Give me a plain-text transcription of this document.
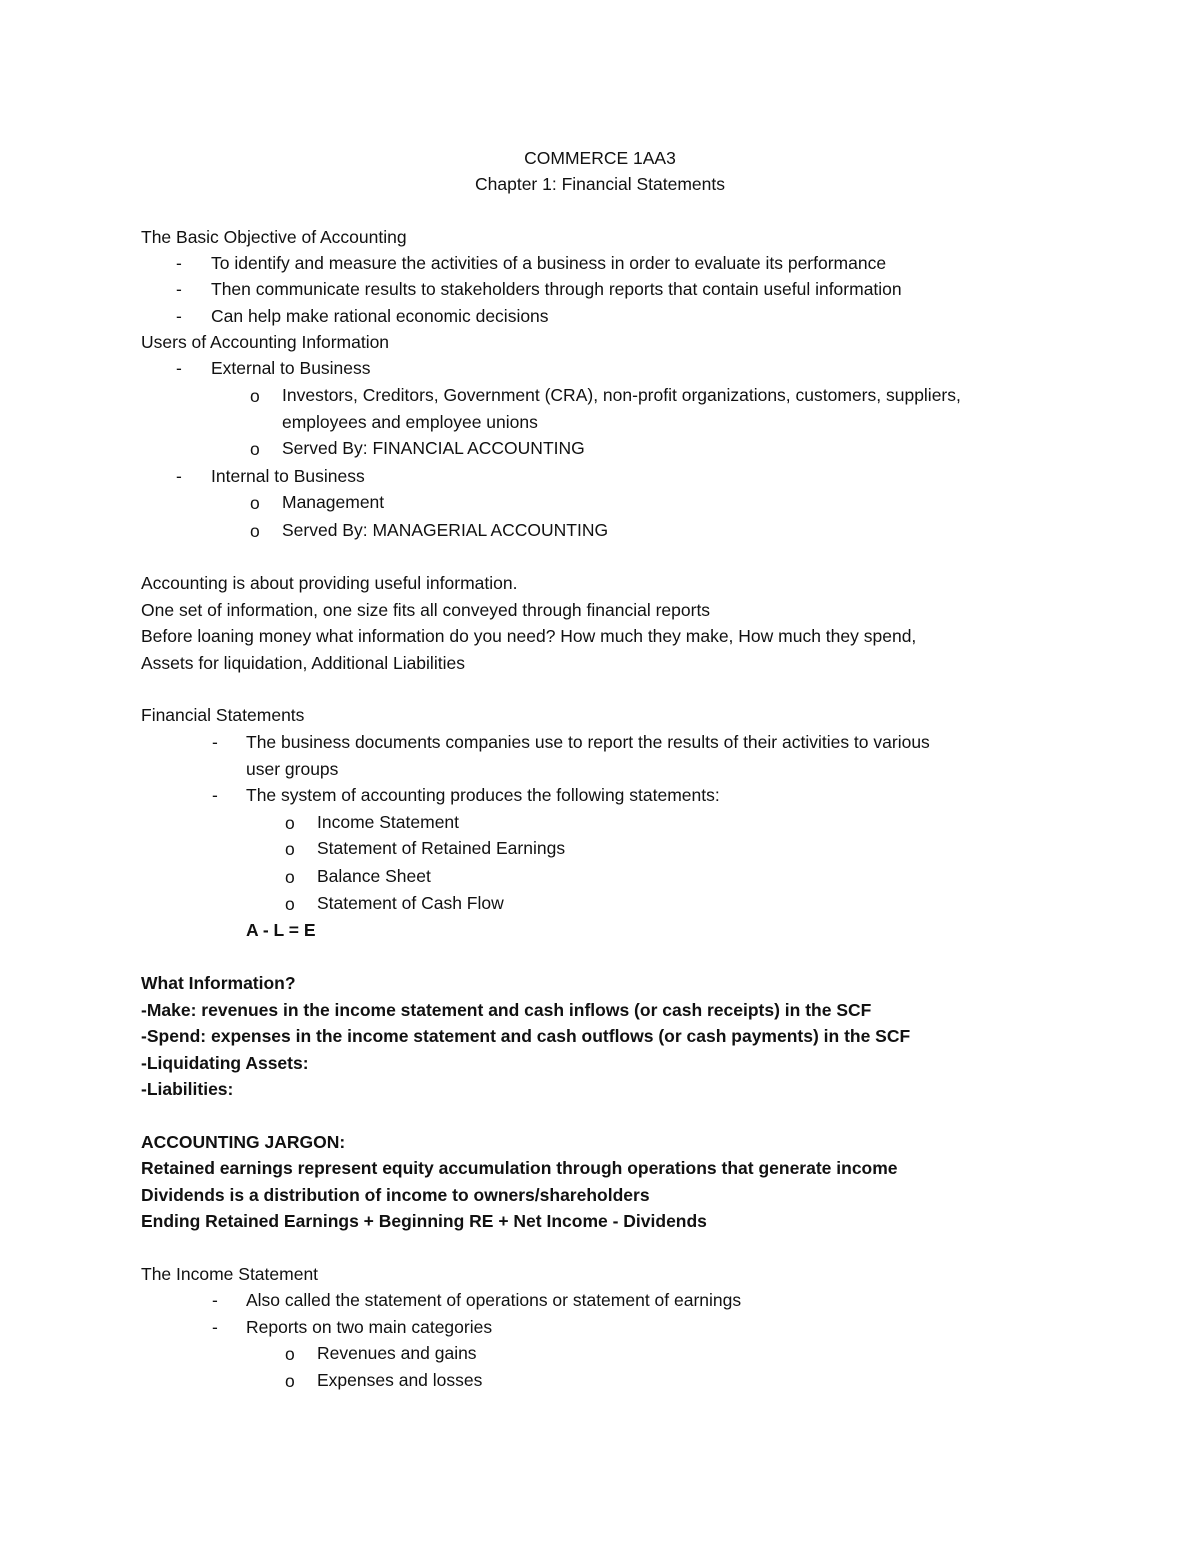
COMMERCE 1AA3
Chapter 1: Financial Statements
The Basic Objective of Accounting
- To identify and measure the activities of a business in order to evaluate its performance
- Then communicate results to stakeholders through reports that contain useful information
- Can help make rational economic decisions
Users of Accounting Information
- External to Business
o Investors, Creditors, Government (CRA), non-profit organizations, customers, suppliers,
employees and employee unions
o Served By: FINANCIAL ACCOUNTING
- Internal to Business
o Management
o Served By: MANAGERIAL ACCOUNTING
Accounting is about providing useful information.
One set of information, one size fits all conveyed through financial reports
Before loaning money what information do you need? How much they make, How much they spend,
Assets for liquidation, Additional Liabilities
Financial Statements
- The business documents companies use to report the results of their activities to various
user groups
- The system of accounting produces the following statements:
o Income Statement
o Statement of Retained Earnings
o Balance Sheet
o Statement of Cash Flow
A - L = E
What Information?
-Make: revenues in the income statement and cash inflows (or cash receipts) in the SCF
-Spend: expenses in the income statement and cash outflows (or cash payments) in the SCF
-Liquidating Assets:
-Liabilities:
ACCOUNTING JARGON:
Retained earnings represent equity accumulation through operations that generate income
Dividends is a distribution of income to owners/shareholders
Ending Retained Earnings + Beginning RE + Net Income - Dividends
The Income Statement
- Also called the statement of operations or statement of earnings
- Reports on two main categories
o Revenues and gains
o Expenses and losses
